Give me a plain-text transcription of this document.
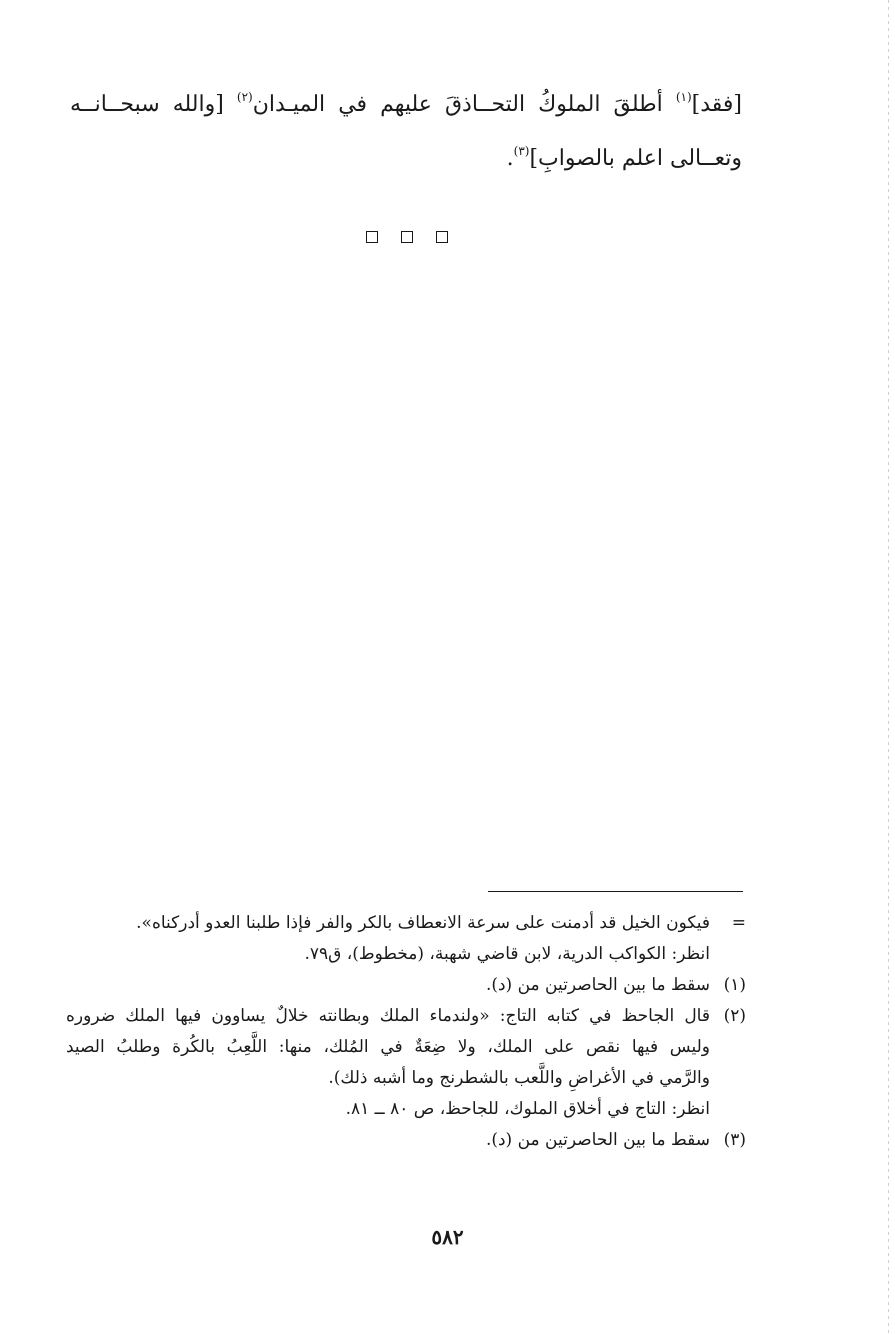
[فقد]$^{(١)}$ أطلقَ الملوكُ التحــاذقَ عليهم في الميـدان$^{(٢)}$ [والله سبحــانــه
وتعــالى اعلم بالصوابِ]$^{(٣)}$.
=
فيكون الخيل قد أدمنت على سرعة الانعطاف بالكر والفر فإذا طلبنا العدو أدركناه».
انظر: الكواكب الدرية، لابن قاضي شهبة، (مخطوط)، ق٧٩.
(١)
سقط ما بين الحاصرتين من (د).
(٢)
قال الجاحظ في كتابه التاج: «ولندماء الملك وبطانته خلالٌ يساوون فيها الملك ضروره
وليس فيها نقص على الملك، ولا ضِعَةٌ في المُلك، منها: اللَّعِبُ بالكُرة وطلبُ الصيد
والرَّمي في الأغراضِ واللَّعب بالشطرنج وما أشبه ذلك).
انظر: التاج في أخلاق الملوك، للجاحظ، ص ٨٠ ــ ٨١.
(٣)
سقط ما بين الحاصرتين من (د).
٥٨٢
